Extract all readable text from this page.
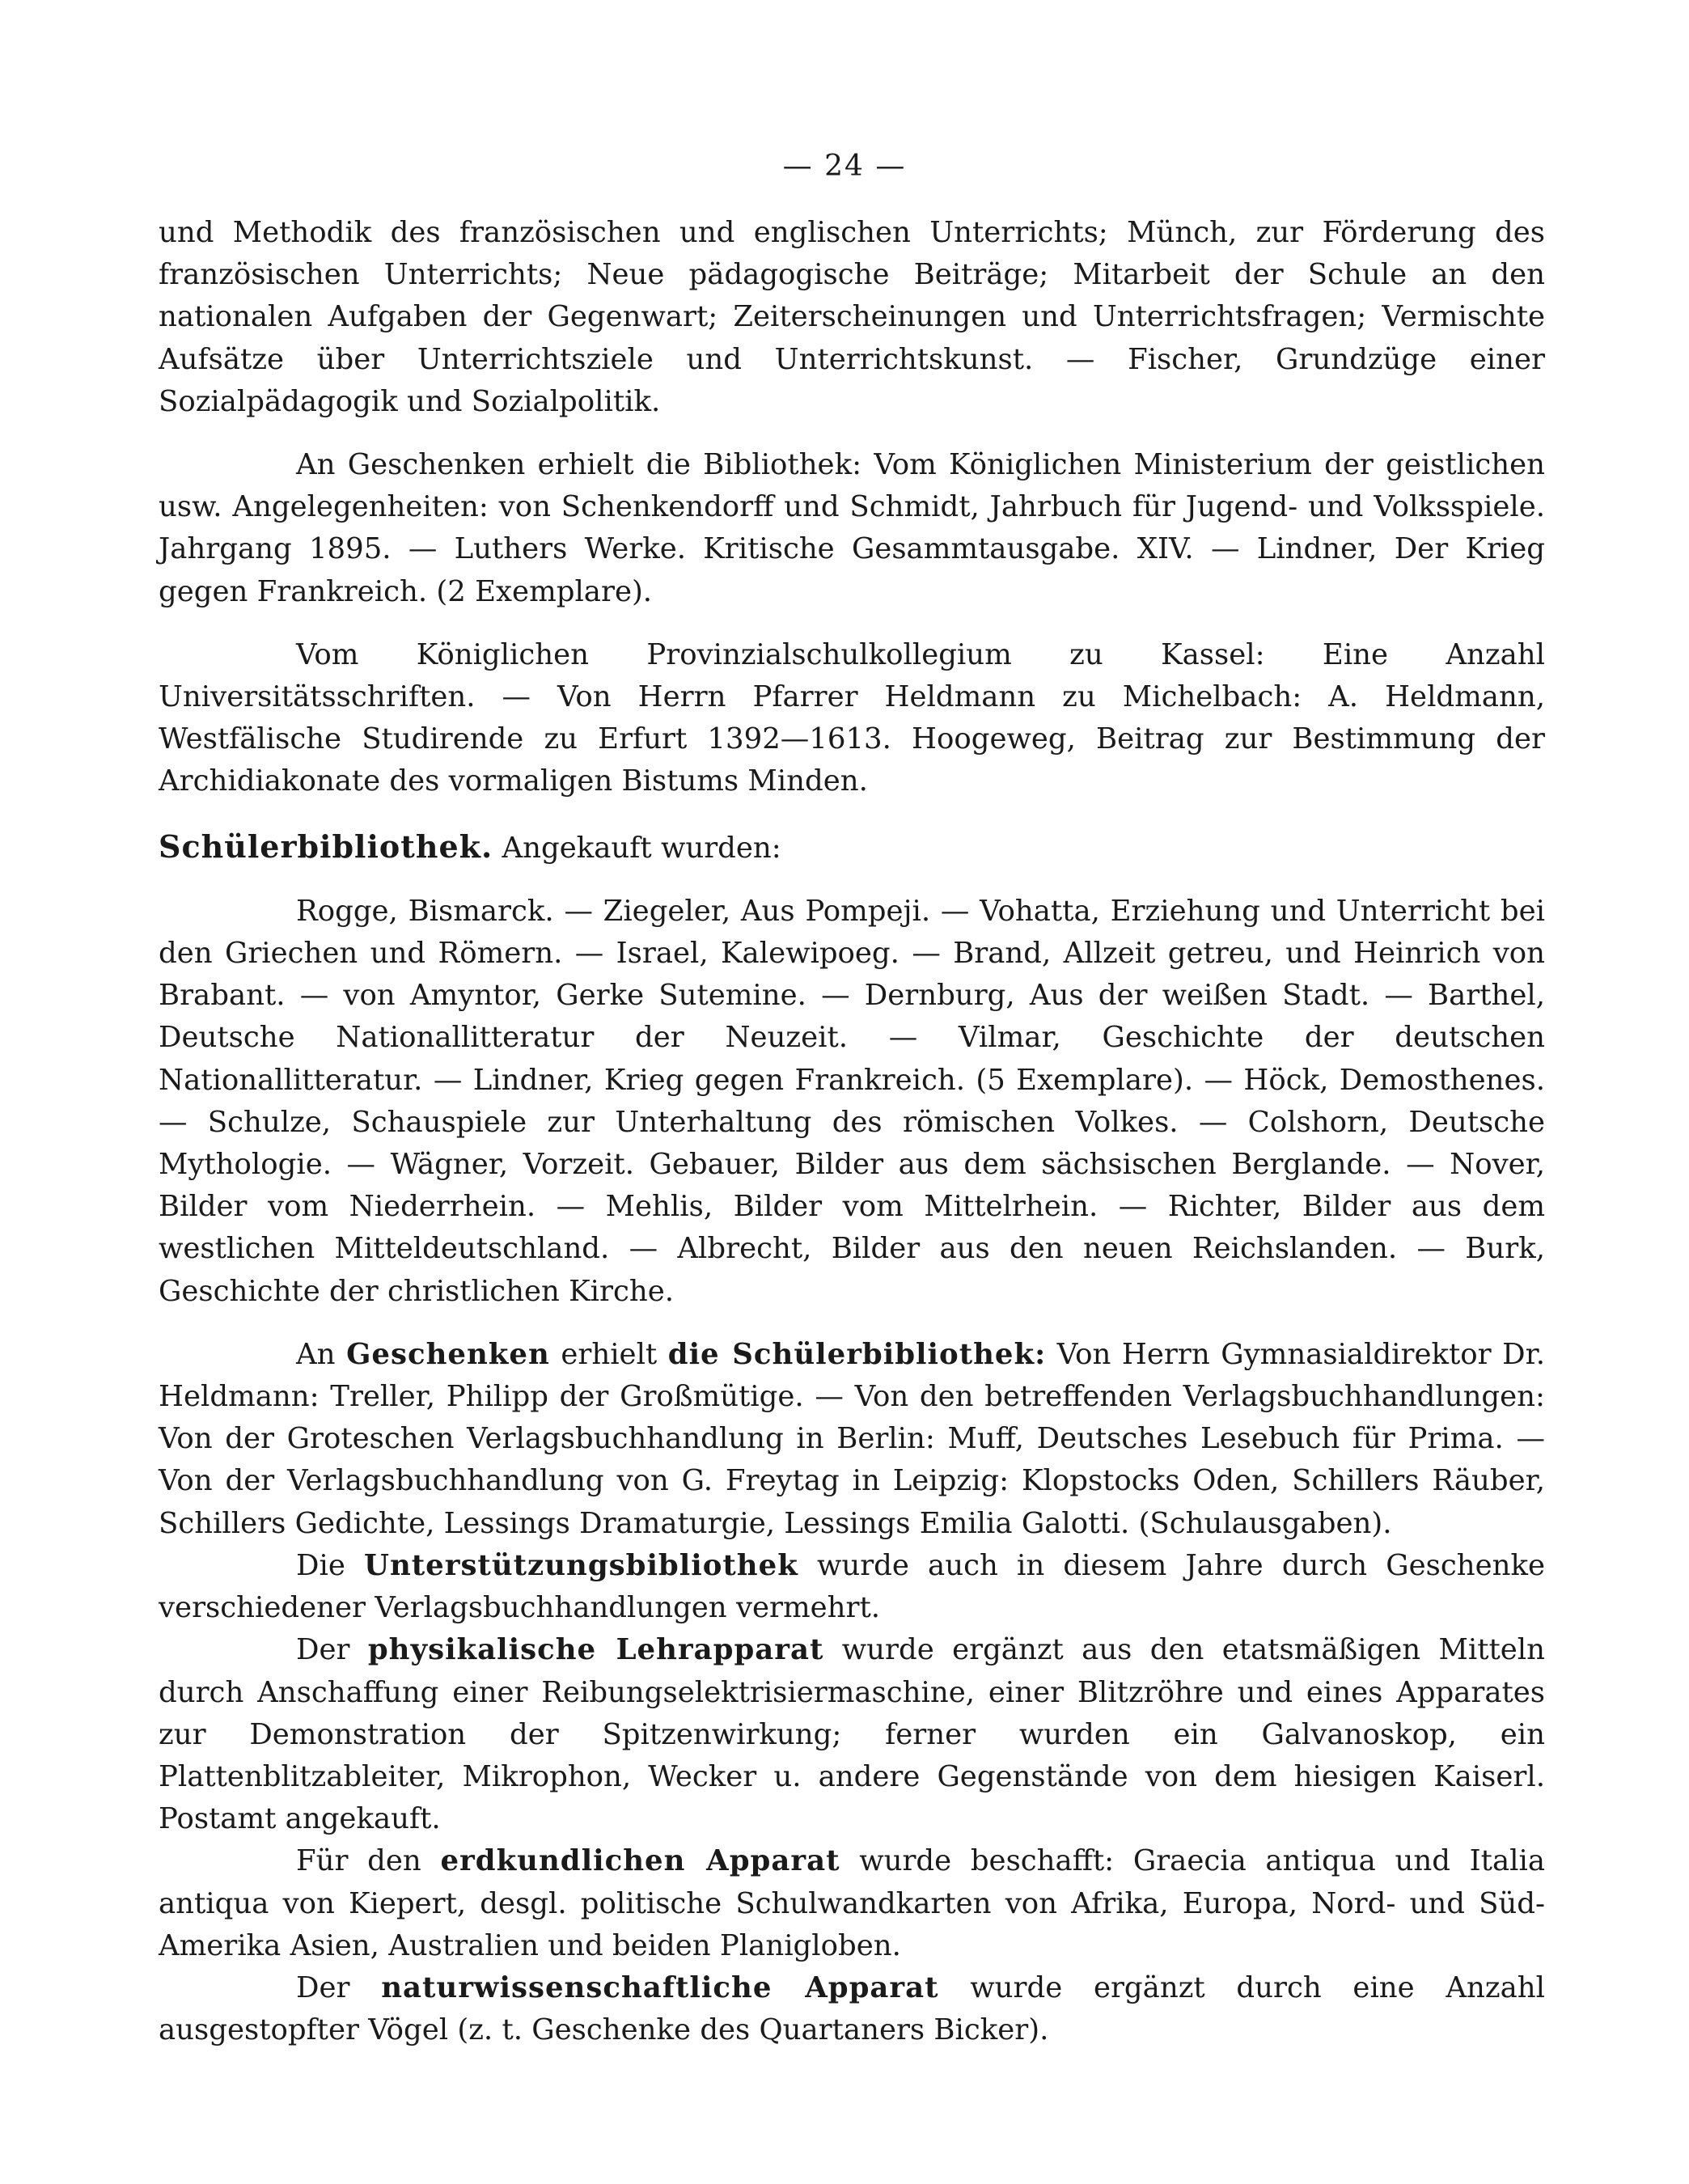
— 24 —

und Methodik des französischen und englischen Unterrichts; Münch, zur Förderung des französischen Unterrichts; Neue pädagogische Beiträge; Mitarbeit der Schule an den nationalen Aufgaben der Gegenwart; Zeiterscheinungen und Unterrichtsfragen; Vermischte Aufsätze über Unterrichtsziele und Unterrichtskunst. — Fischer, Grundzüge einer Sozialpädagogik und Sozialpolitik.

An Geschenken erhielt die Bibliothek: Vom Königlichen Ministerium der geistlichen usw. Angelegenheiten: von Schenkendorff und Schmidt, Jahrbuch für Jugend- und Volksspiele. Jahrgang 1895. — Luthers Werke. Kritische Gesammtausgabe. XIV. — Lindner, Der Krieg gegen Frankreich. (2 Exemplare).

Vom Königlichen Provinzialschulkollegium zu Kassel: Eine Anzahl Universitätsschriften. — Von Herrn Pfarrer Heldmann zu Michelbach: A. Heldmann, Westfälische Studirende zu Erfurt 1392—1613. Hoogeweg, Beitrag zur Bestimmung der Archidiakonate des vormaligen Bistums Minden.

Schülerbibliothek. Angekauft wurden:

Rogge, Bismarck. — Ziegeler, Aus Pompeji. — Vohatta, Erziehung und Unterricht bei den Griechen und Römern. — Israel, Kalewipoeg. — Brand, Allzeit getreu, und Heinrich von Brabant. — von Amyntor, Gerke Sutemine. — Dernburg, Aus der weißen Stadt. — Barthel, Deutsche Nationallitteratur der Neuzeit. — Vilmar, Geschichte der deutschen Nationallitteratur. — Lindner, Krieg gegen Frankreich. (5 Exemplare). — Höck, Demosthenes. — Schulze, Schauspiele zur Unterhaltung des römischen Volkes. — Colshorn, Deutsche Mythologie. — Wägner, Vorzeit. Gebauer, Bilder aus dem sächsischen Berglande. — Nover, Bilder vom Niederrhein. — Mehlis, Bilder vom Mittelrhein. — Richter, Bilder aus dem westlichen Mitteldeutschland. — Albrecht, Bilder aus den neuen Reichslanden. — Burk, Geschichte der christlichen Kirche.

An Geschenken erhielt die Schülerbibliothek: Von Herrn Gymnasialdirektor Dr. Heldmann: Treller, Philipp der Großmütige. — Von den betreffenden Verlagsbuchhandlungen: Von der Groteschen Verlagsbuchhandlung in Berlin: Muff, Deutsches Lesebuch für Prima. — Von der Verlagsbuchhandlung von G. Freytag in Leipzig: Klopstocks Oden, Schillers Räuber, Schillers Gedichte, Lessings Dramaturgie, Lessings Emilia Galotti. (Schulausgaben).

Die Unterstützungsbibliothek wurde auch in diesem Jahre durch Geschenke verschiedener Verlagsbuchhandlungen vermehrt.

Der physikalische Lehrapparat wurde ergänzt aus den etatsmäßigen Mitteln durch Anschaffung einer Reibungselektrisiermaschine, einer Blitzröhre und eines Apparates zur Demonstration der Spitzenwirkung; ferner wurden ein Galvanoskop, ein Plattenblitzableiter, Mikrophon, Wecker u. andere Gegenstände von dem hiesigen Kaiserl. Postamt angekauft.

Für den erdkundlichen Apparat wurde beschafft: Graecia antiqua und Italia antiqua von Kiepert, desgl. politische Schulwandkarten von Afrika, Europa, Nord- und Süd-Amerika Asien, Australien und beiden Planigloben.

Der naturwissenschaftliche Apparat wurde ergänzt durch eine Anzahl ausgestopfter Vögel (z. t. Geschenke des Quartaners Bicker).
